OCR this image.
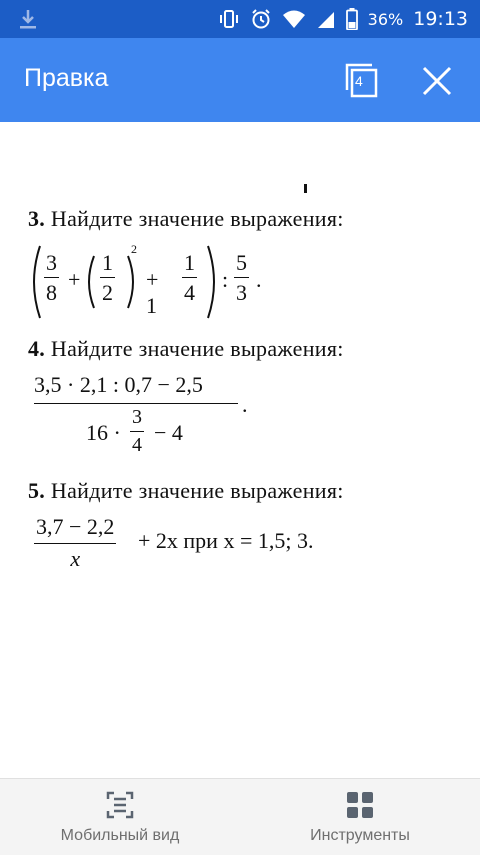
36% 19:13
Правка	4
3. Найдите значение выражения:
$\frac{3}{8} + \frac{1}{2}$
2
+ $1 \frac{1}{4}$ : $\frac{5}{3}$ .
4. Найдите значение выражения:
3,5 · 2,1 : 0,7 − 2,5
.
$16 \cdot \frac{3}{4} - 4$
5. Найдите значение выражения:
$\frac{3,7 - 2,2}{x} + 2x$ при x = 1,5; 3.
Мобильный вид	Инструменты
